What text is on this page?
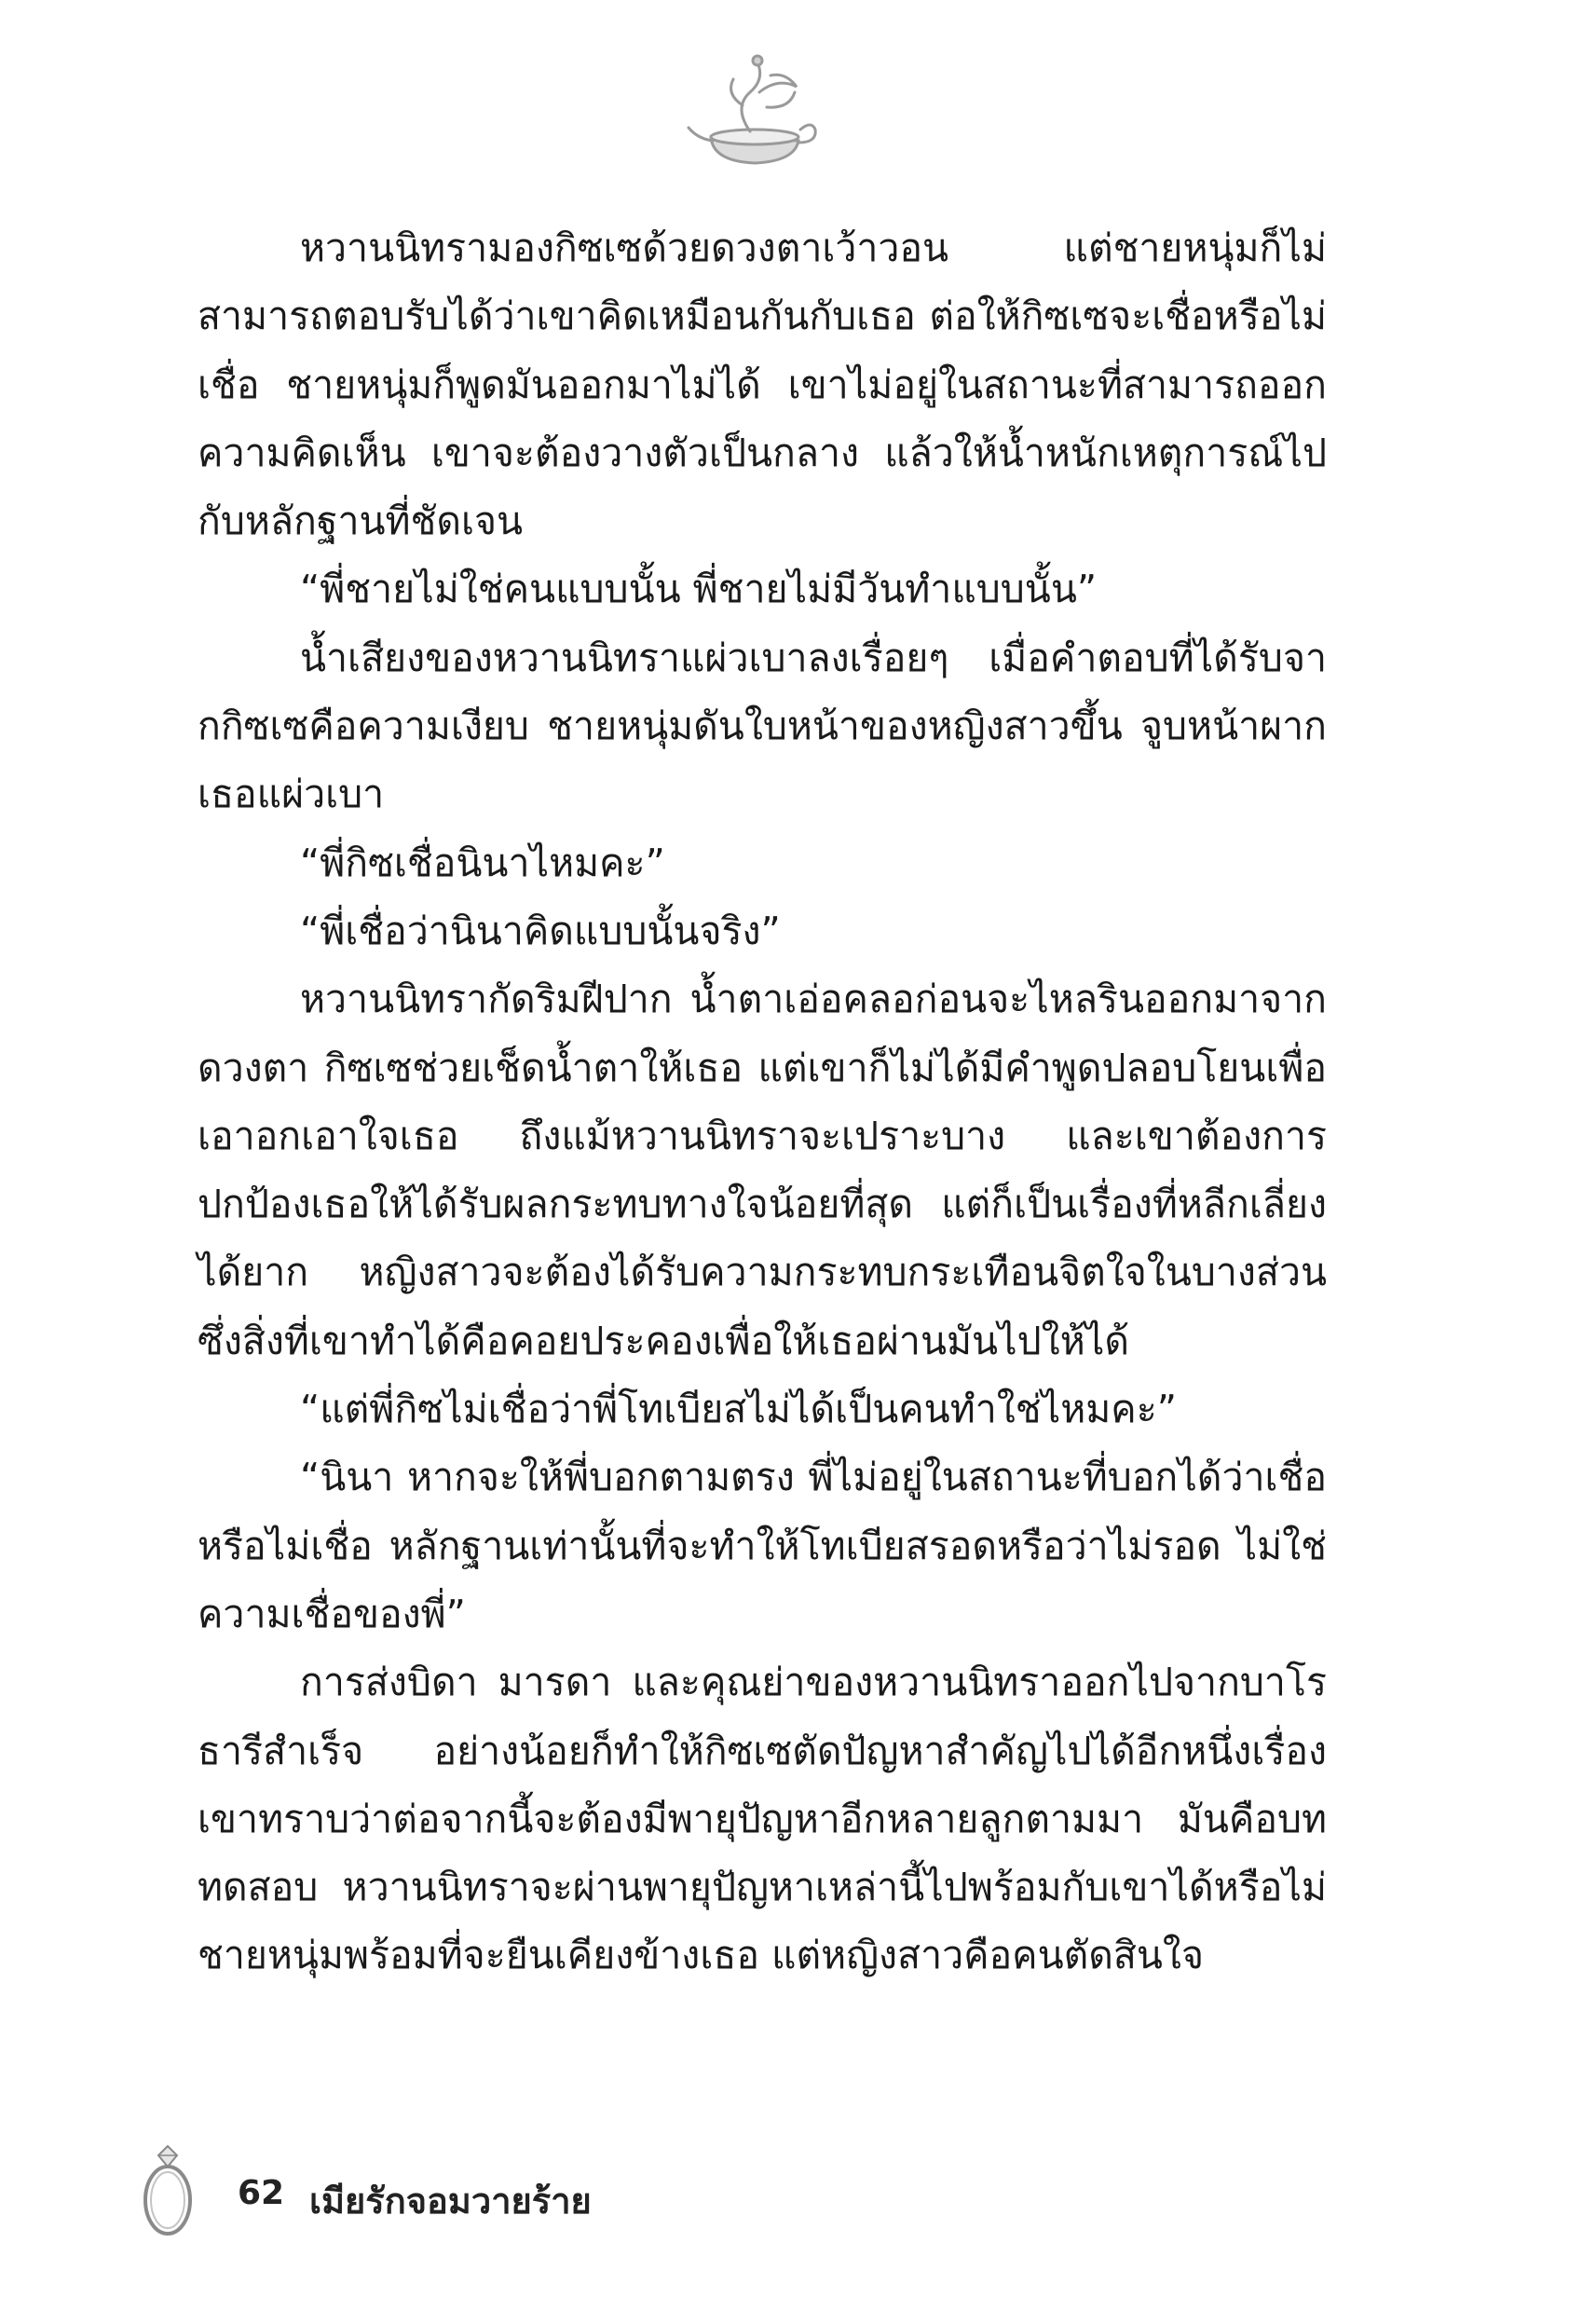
หวานนิทรามองกิซเซด้วยดวงตาเว้าวอน แต่ชายหนุ่มก็ไม่สามารถตอบรับได้ว่าเขาคิดเหมือนกันกับเธอ ต่อให้กิซเซจะเชื่อหรือไม่เชื่อ ชายหนุ่มก็พูดมันออกมาไม่ได้ เขาไม่อยู่ในสถานะที่สามารถออกความคิดเห็น เขาจะต้องวางตัวเป็นกลาง แล้วให้น้ำหนักเหตุการณ์ไปกับหลักฐานที่ชัดเจน

“พี่ชายไม่ใช่คนแบบนั้น พี่ชายไม่มีวันทำแบบนั้น”

น้ำเสียงของหวานนิทราแผ่วเบาลงเรื่อยๆ เมื่อคำตอบที่ได้รับจากกิซเซคือความเงียบ ชายหนุ่มดันใบหน้าของหญิงสาวขึ้น จูบหน้าผากเธอแผ่วเบา

“พี่กิซเชื่อนินาไหมคะ”

“พี่เชื่อว่านินาคิดแบบนั้นจริง”

หวานนิทรากัดริมฝีปาก น้ำตาเอ่อคลอก่อนจะไหลรินออกมาจากดวงตา กิซเซช่วยเช็ดน้ำตาให้เธอ แต่เขาก็ไม่ได้มีคำพูดปลอบโยนเพื่อเอาอกเอาใจเธอ ถึงแม้หวานนิทราจะเปราะบาง และเขาต้องการปกป้องเธอให้ได้รับผลกระทบทางใจน้อยที่สุด แต่ก็เป็นเรื่องที่หลีกเลี่ยงได้ยาก หญิงสาวจะต้องได้รับความกระทบกระเทือนจิตใจในบางส่วน ซึ่งสิ่งที่เขาทำได้คือคอยประคองเพื่อให้เธอผ่านมันไปให้ได้

“แต่พี่กิซไม่เชื่อว่าพี่โทเบียสไม่ได้เป็นคนทำใช่ไหมคะ”

“นินา หากจะให้พี่บอกตามตรง พี่ไม่อยู่ในสถานะที่บอกได้ว่าเชื่อหรือไม่เชื่อ หลักฐานเท่านั้นที่จะทำให้โทเบียสรอดหรือว่าไม่รอด ไม่ใช่ความเชื่อของพี่”

การส่งบิดา มารดา และคุณย่าของหวานนิทราออกไปจากบาโรธารีสำเร็จ อย่างน้อยก็ทำให้กิซเซตัดปัญหาสำคัญไปได้อีกหนึ่งเรื่อง เขาทราบว่าต่อจากนี้จะต้องมีพายุปัญหาอีกหลายลูกตามมา มันคือบททดสอบ หวานนิทราจะผ่านพายุปัญหาเหล่านี้ไปพร้อมกับเขาได้หรือไม่ ชายหนุ่มพร้อมที่จะยืนเคียงข้างเธอ แต่หญิงสาวคือคนตัดสินใจ

62 เมียรักจอมวายร้าย
